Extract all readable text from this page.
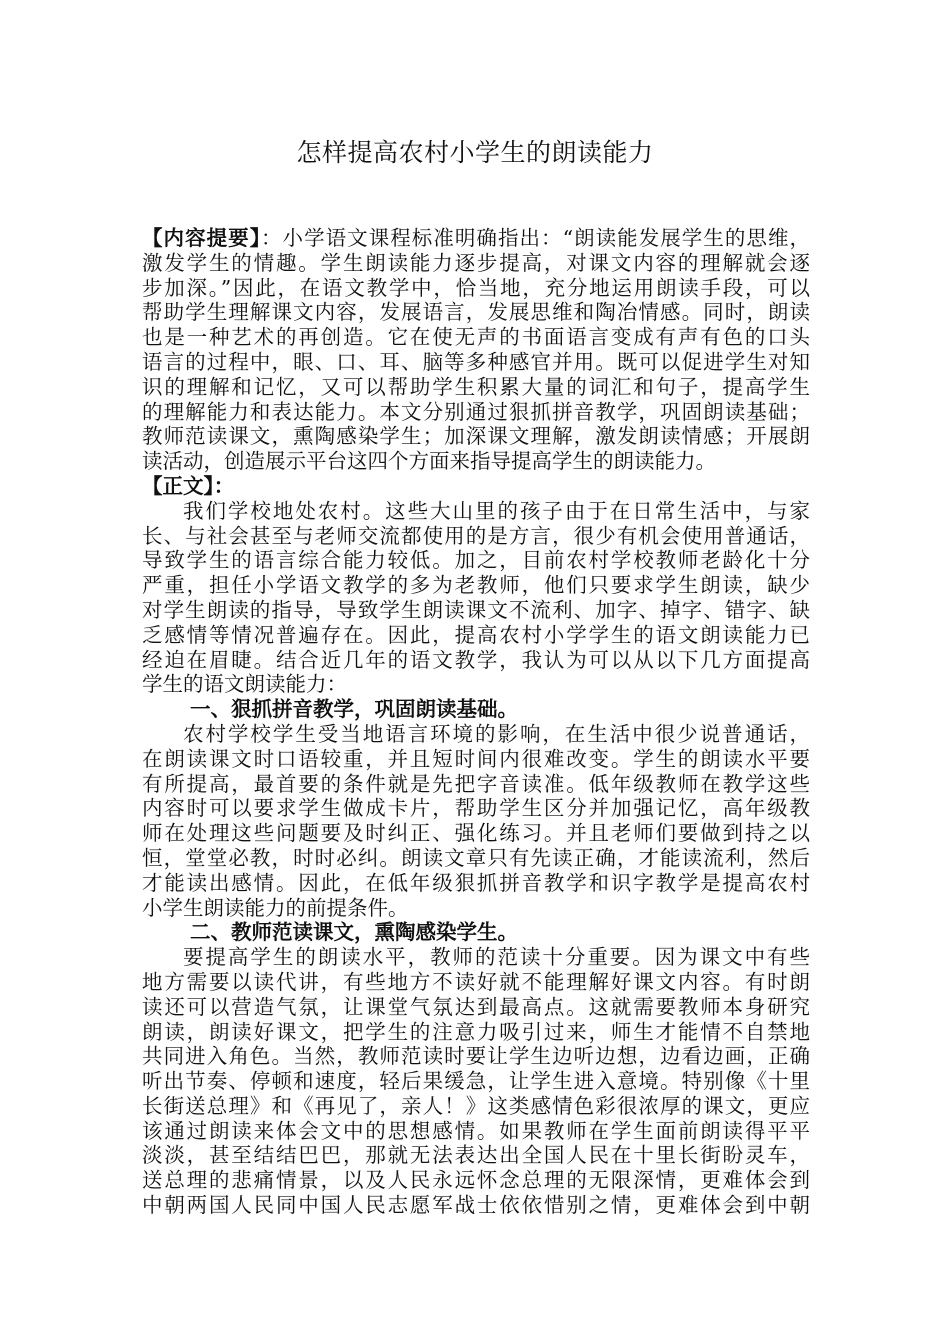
怎样提高农村小学生的朗读能力
【内容提要】：小学语文课程标准明确指出：“朗读能发展学生的思维，
激发学生的情趣。学生朗读能力逐步提高，对课文内容的理解就会逐
步加深。”因此，在语文教学中，恰当地，充分地运用朗读手段，可以
帮助学生理解课文内容，发展语言，发展思维和陶冶情感。同时，朗读
也是一种艺术的再创造。它在使无声的书面语言变成有声有色的口头
语言的过程中，眼、口、耳、脑等多种感官并用。既可以促进学生对知
识的理解和记忆，又可以帮助学生积累大量的词汇和句子，提高学生
的理解能力和表达能力。本文分别通过狠抓拼音教学，巩固朗读基础；
教师范读课文，熏陶感染学生；加深课文理解，激发朗读情感；开展朗
读活动，创造展示平台这四个方面来指导提高学生的朗读能力。
【正文】：
我们学校地处农村。这些大山里的孩子由于在日常生活中，与家
长、与社会甚至与老师交流都使用的是方言，很少有机会使用普通话，
导致学生的语言综合能力较低。加之，目前农村学校教师老龄化十分
严重，担任小学语文教学的多为老教师，他们只要求学生朗读，缺少
对学生朗读的指导，导致学生朗读课文不流利、加字、掉字、错字、缺
乏感情等情况普遍存在。因此，提高农村小学学生的语文朗读能力已
经迫在眉睫。结合近几年的语文教学，我认为可以从以下几方面提高
学生的语文朗读能力：
一、狠抓拼音教学，巩固朗读基础。
农村学校学生受当地语言环境的影响，在生活中很少说普通话，
在朗读课文时口语较重，并且短时间内很难改变。学生的朗读水平要
有所提高，最首要的条件就是先把字音读准。低年级教师在教学这些
内容时可以要求学生做成卡片，帮助学生区分并加强记忆，高年级教
师在处理这些问题要及时纠正、强化练习。并且老师们要做到持之以
恒，堂堂必教，时时必纠。朗读文章只有先读正确，才能读流利，然后
才能读出感情。因此，在低年级狠抓拼音教学和识字教学是提高农村
小学生朗读能力的前提条件。
二、教师范读课文，熏陶感染学生。
要提高学生的朗读水平，教师的范读十分重要。因为课文中有些
地方需要以读代讲，有些地方不读好就不能理解好课文内容。有时朗
读还可以营造气氛，让课堂气氛达到最高点。这就需要教师本身研究
朗读，朗读好课文，把学生的注意力吸引过来，师生才能情不自禁地
共同进入角色。当然，教师范读时要让学生边听边想，边看边画，正确
听出节奏、停顿和速度，轻后果缓急，让学生进入意境。特别像《十里
长街送总理》和《再见了，亲人！》这类感情色彩很浓厚的课文，更应
该通过朗读来体会文中的思想感情。如果教师在学生面前朗读得平平
淡淡，甚至结结巴巴，那就无法表达出全国人民在十里长街盼灵车，
送总理的悲痛情景，以及人民永远怀念总理的无限深情，更难体会到
中朝两国人民同中国人民志愿军战士依依惜别之情，更难体会到中朝
